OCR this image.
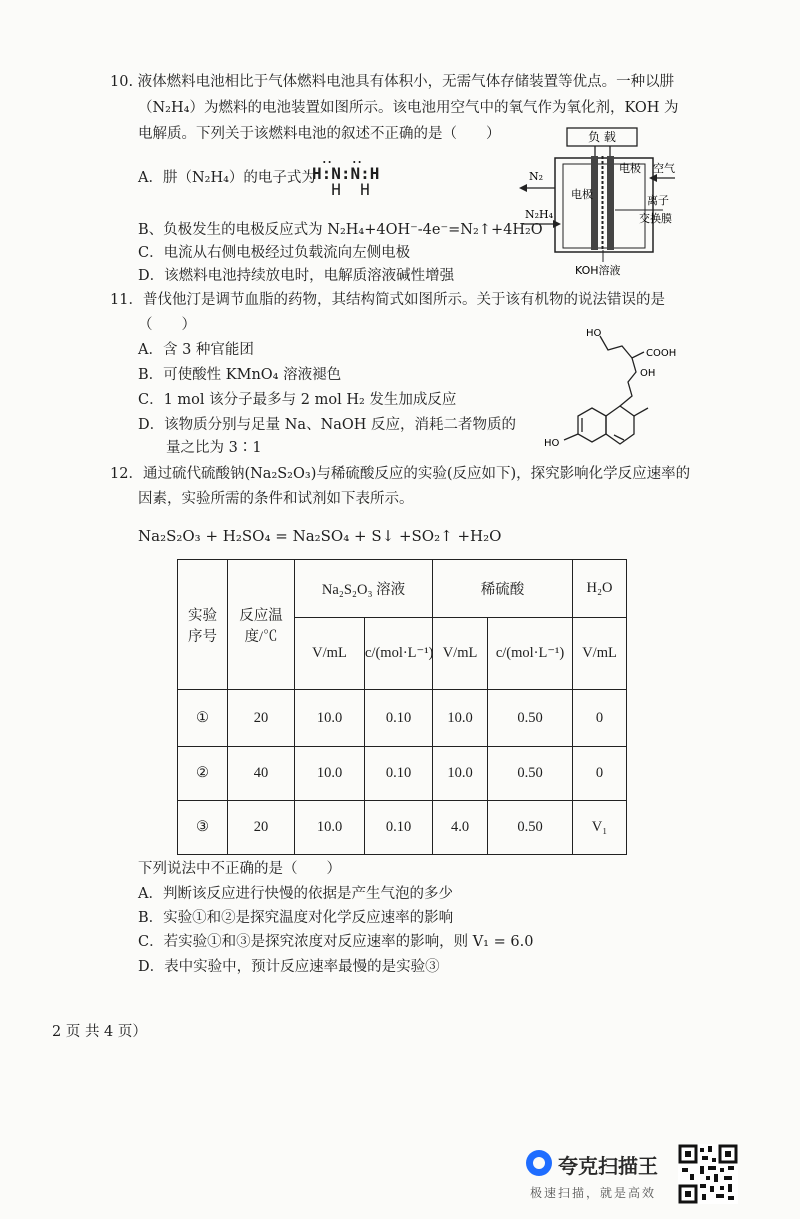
10. 液体燃料电池相比于气体燃料电池具有体积小，无需气体存储装置等优点。一种以肼
（N₂H₄）为燃料的电池装置如图所示。该电池用空气中的氧气作为氧化剂，KOH 为
电解质。下列关于该燃料电池的叙述不正确的是（　　）
A．肼（N₂H₄）的电子式为
‥  ‥
H:N:N:H
H  H
B、负极发生的电极反应式为 N₂H₄+4OH⁻-4e⁻=N₂↑+4H₂O
C．电流从右侧电极经过负载流向左侧电极
D．该燃料电池持续放电时，电解质溶液碱性增强
负 载
N₂
N₂H₄
电极
电极 空气
离子
交换膜
KOH溶液
11．普伐他汀是调节血脂的药物，其结构简式如图所示。关于该有机物的说法错误的是
（　　）
A．含 3 种官能团
B．可使酸性 KMnO₄ 溶液褪色
C．1 mol 该分子最多与 2 mol H₂ 发生加成反应
D．该物质分别与足量 Na、NaOH 反应，消耗二者物质的
量之比为 3∶1
HO
COOH
OH
HO
12．通过硫代硫酸钠(Na₂S₂O₃)与稀硫酸反应的实验(反应如下)，探究影响化学反应速率的
因素，实验所需的条件和试剂如下表所示。
Na₂S₂O₃ + H₂SO₄ = Na₂SO₄ + S↓ +SO₂↑ +H₂O
实验序号	反应温度/℃	Na₂S₂O₃ 溶液		稀硫酸		H₂O
		V/mL	c/(mol·L⁻¹)	V/mL	c/(mol·L⁻¹)	V/mL
①	20	10.0	0.10	10.0	0.50	0
②	40	10.0	0.10	10.0	0.50	0
③	20	10.0	0.10	4.0	0.50	V₁
下列说法中不正确的是（　　）
A．判断该反应进行快慢的依据是产生气泡的多少
B．实验①和②是探究温度对化学反应速率的影响
C．若实验①和③是探究浓度对反应速率的影响，则 V₁ = 6.0
D．表中实验中，预计反应速率最慢的是实验③
2 页 共 4 页）
夸克扫描王
极速扫描，就是高效
